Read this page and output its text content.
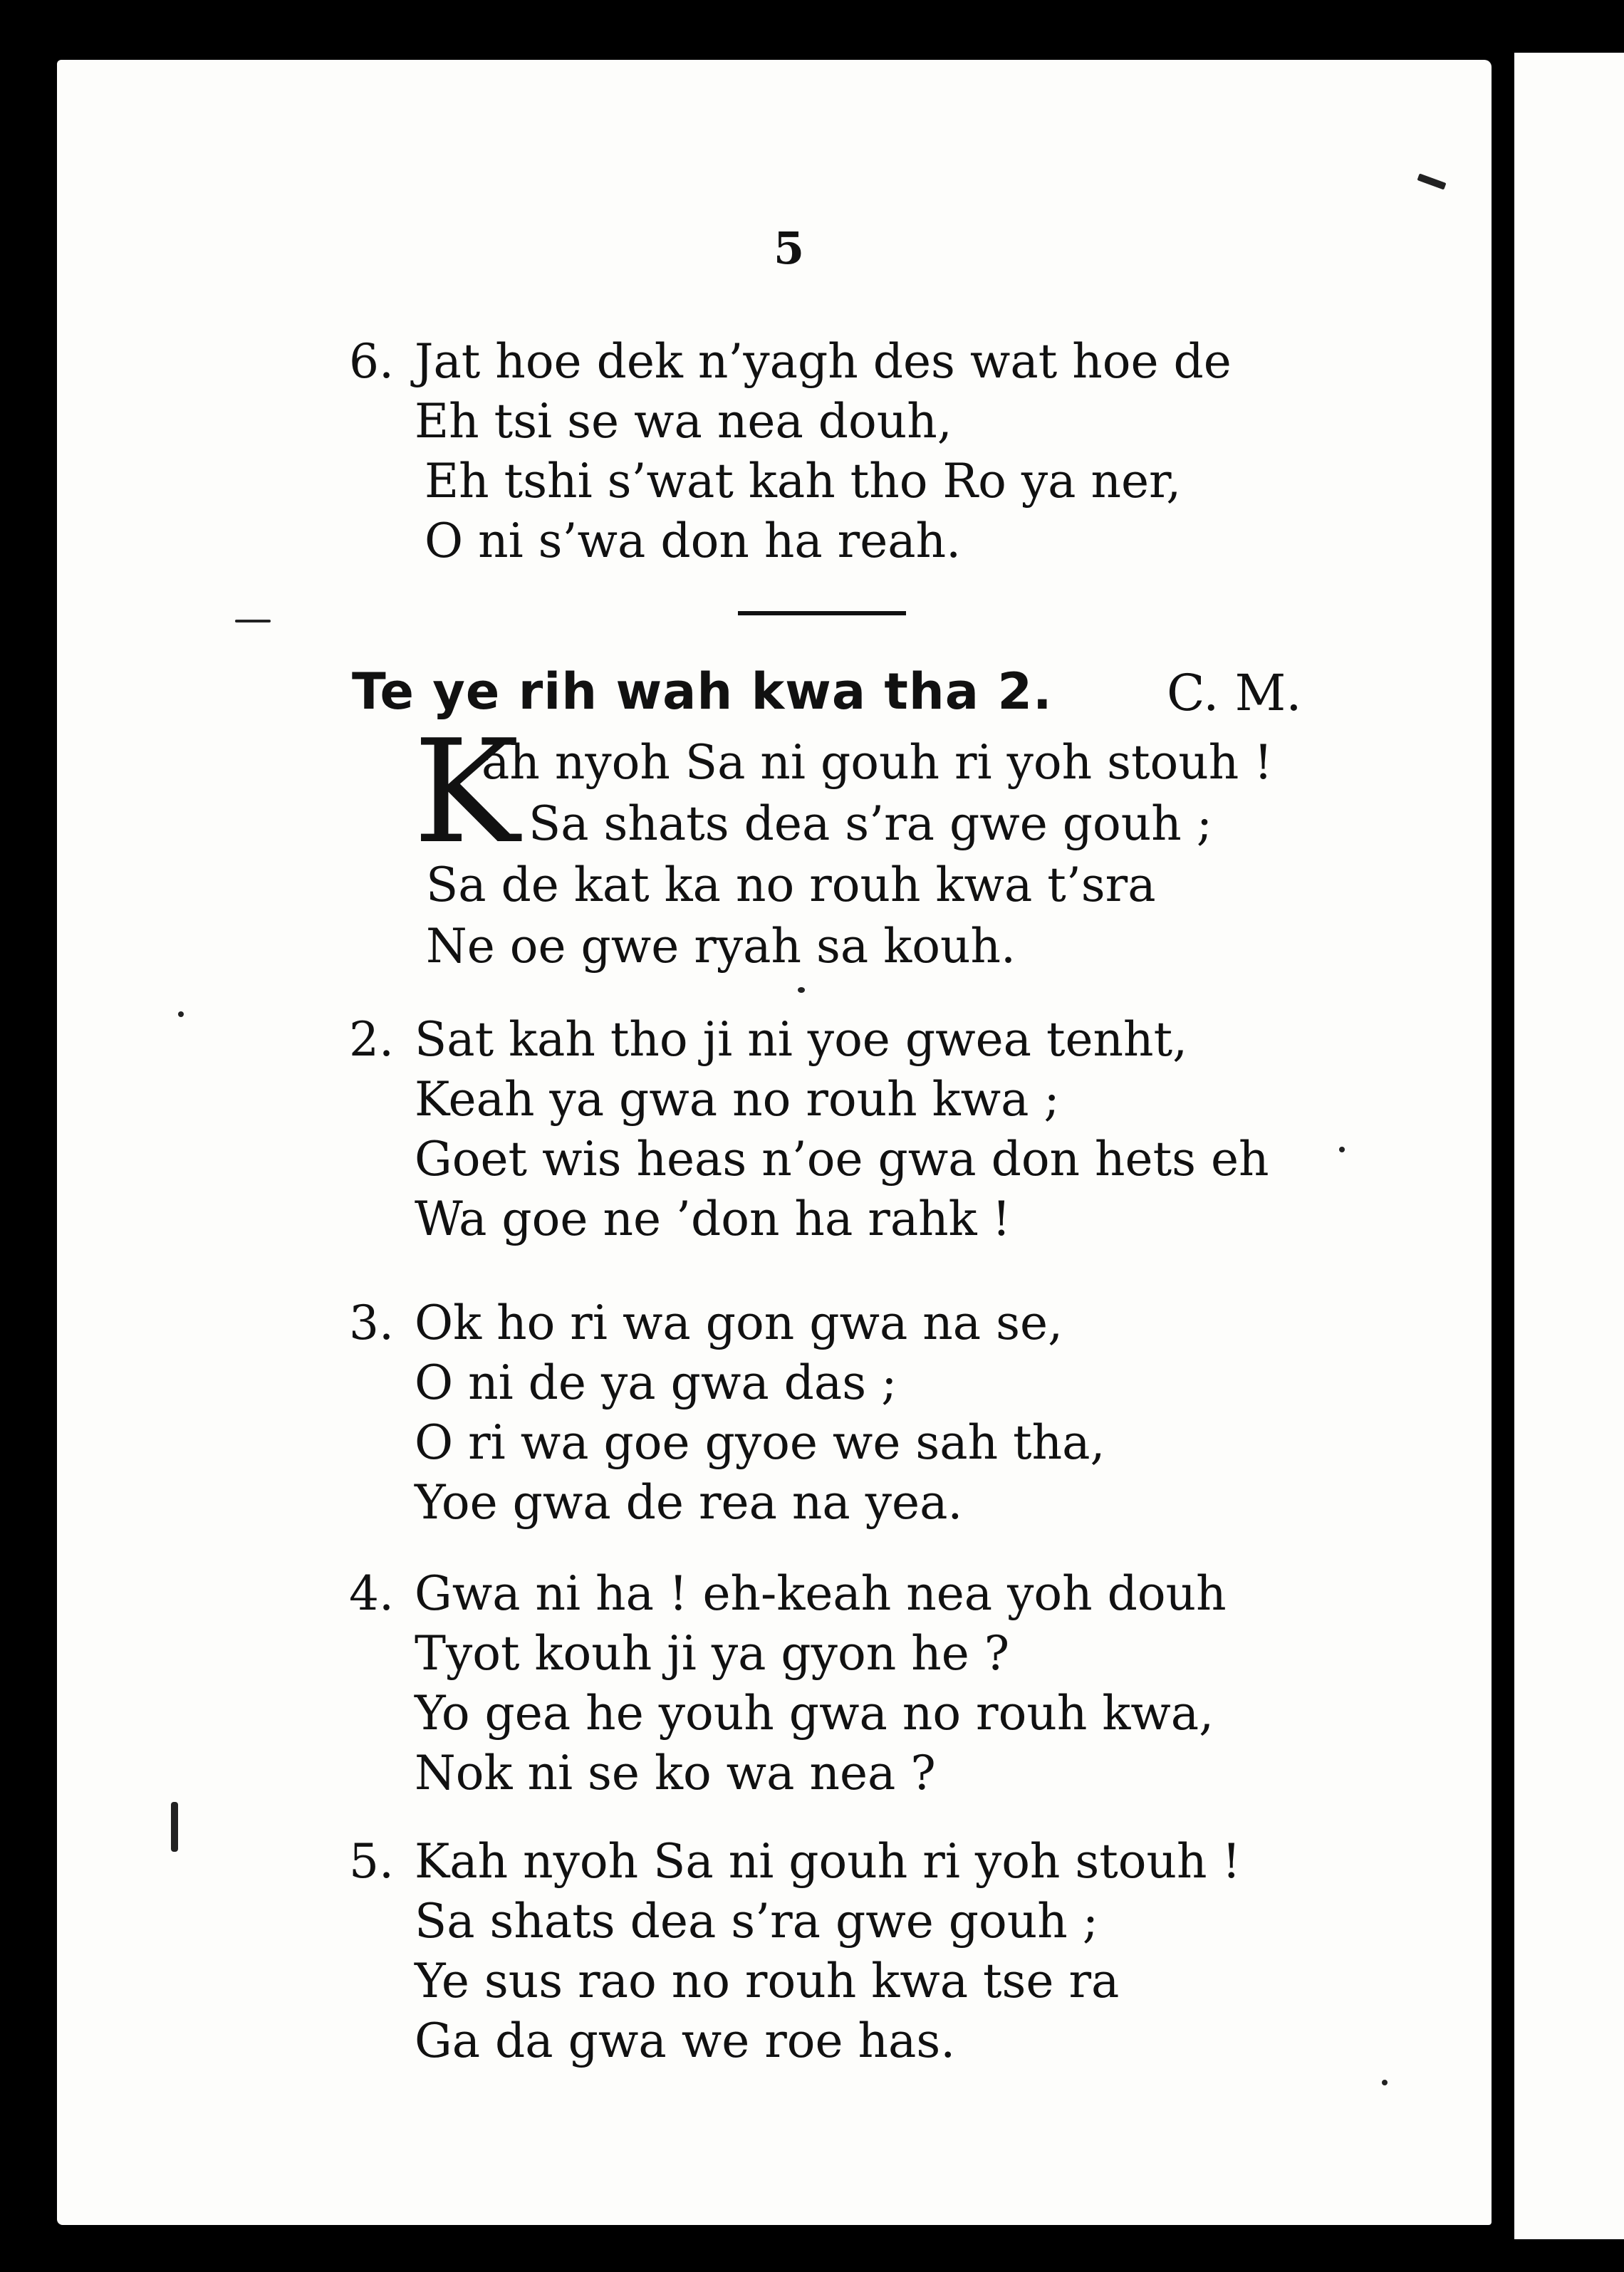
5
6. Jat hoe dek n’yagh des wat hoe de
Eh tsi se wa nea douh,
Eh tshi s’wat kah tho Ro ya ner,
O ni s’wa don ha reah.
Te ye rih wah kwa tha 2. C. M.
K
ah nyoh Sa ni gouh ri yoh stouh !
Sa shats dea s’ra gwe gouh ;
Sa de kat ka no rouh kwa t’sra
Ne oe gwe ryah sa kouh.
2. Sat kah tho ji ni yoe gwea tenht,
Keah ya gwa no rouh kwa ;
Goet wis heas n’oe gwa don hets eh
Wa goe ne ’don ha rahk !
3. Ok ho ri wa gon gwa na se,
O ni de ya gwa das ;
O ri wa goe gyoe we sah tha,
Yoe gwa de rea na yea.
4. Gwa ni ha ! eh-keah nea yoh douh
Tyot kouh ji ya gyon he ?
Yo gea he youh gwa no rouh kwa,
Nok ni se ko wa nea ?
5. Kah nyoh Sa ni gouh ri yoh stouh !
Sa shats dea s’ra gwe gouh ;
Ye sus rao no rouh kwa tse ra
Ga da gwa we roe has.
